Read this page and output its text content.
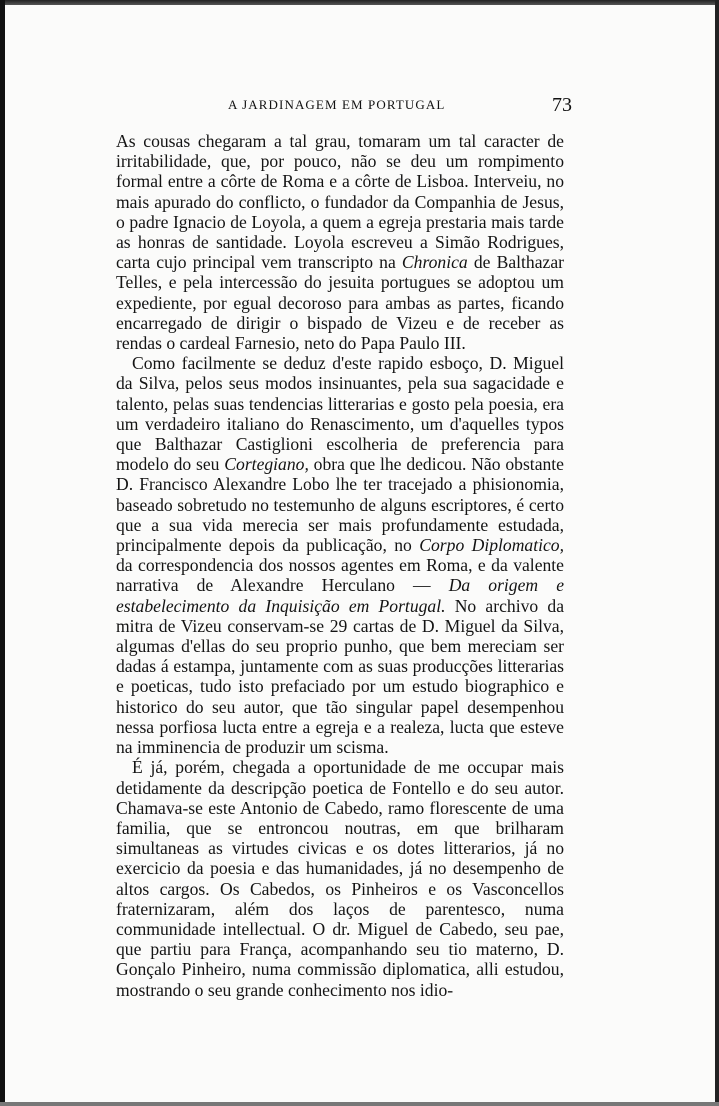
A JARDINAGEM EM PORTUGAL	73

As cousas chegaram a tal grau, tomaram um tal caracter de irritabilidade, que, por pouco, não se deu um rompimento formal entre a côrte de Roma e a côrte de Lisboa. Interveiu, no mais apurado do conflicto, o fundador da Companhia de Jesus, o padre Ignacio de Loyola, a quem a egreja prestaria mais tarde as honras de santidade. Loyola escreveu a Simão Rodrigues, carta cujo principal vem transcripto na Chronica de Balthazar Telles, e pela intercessão do jesuita portugues se adoptou um expediente, por egual decoroso para ambas as partes, ficando encarregado de dirigir o bispado de Vizeu e de receber as rendas o cardeal Farnesio, neto do Papa Paulo III.

Como facilmente se deduz d'este rapido esboço, D. Miguel da Silva, pelos seus modos insinuantes, pela sua sagacidade e talento, pelas suas tendencias litterarias e gosto pela poesia, era um verdadeiro italiano do Renascimento, um d'aquelles typos que Balthazar Castiglioni escolheria de preferencia para modelo do seu Cortegiano, obra que lhe dedicou. Não obstante D. Francisco Alexandre Lobo lhe ter tracejado a phisionomia, baseado sobretudo no testemunho de alguns escriptores, é certo que a sua vida merecia ser mais profundamente estudada, principalmente depois da publicação, no Corpo Diplomatico, da correspondencia dos nossos agentes em Roma, e da valente narrativa de Alexandre Herculano — Da origem e estabelecimento da Inquisição em Portugal. No archivo da mitra de Vizeu conservam-se 29 cartas de D. Miguel da Silva, algumas d'ellas do seu proprio punho, que bem mereciam ser dadas á estampa, juntamente com as suas producções litterarias e poeticas, tudo isto prefaciado por um estudo biographico e historico do seu autor, que tão singular papel desempenhou nessa porfiosa lucta entre a egreja e a realeza, lucta que esteve na imminencia de produzir um scisma.

É já, porém, chegada a oportunidade de me occupar mais detidamente da descripção poetica de Fontello e do seu autor. Chamava-se este Antonio de Cabedo, ramo florescente de uma familia, que se entroncou noutras, em que brilharam simultaneas as virtudes civicas e os dotes litterarios, já no exercicio da poesia e das humanidades, já no desempenho de altos cargos. Os Cabedos, os Pinheiros e os Vasconcellos fraternizaram, além dos laços de parentesco, numa communidade intellectual. O dr. Miguel de Cabedo, seu pae, que partiu para França, acompanhando seu tio materno, D. Gonçalo Pinheiro, numa commissão diplomatica, alli estudou, mostrando o seu grande conhecimento nos idio-
